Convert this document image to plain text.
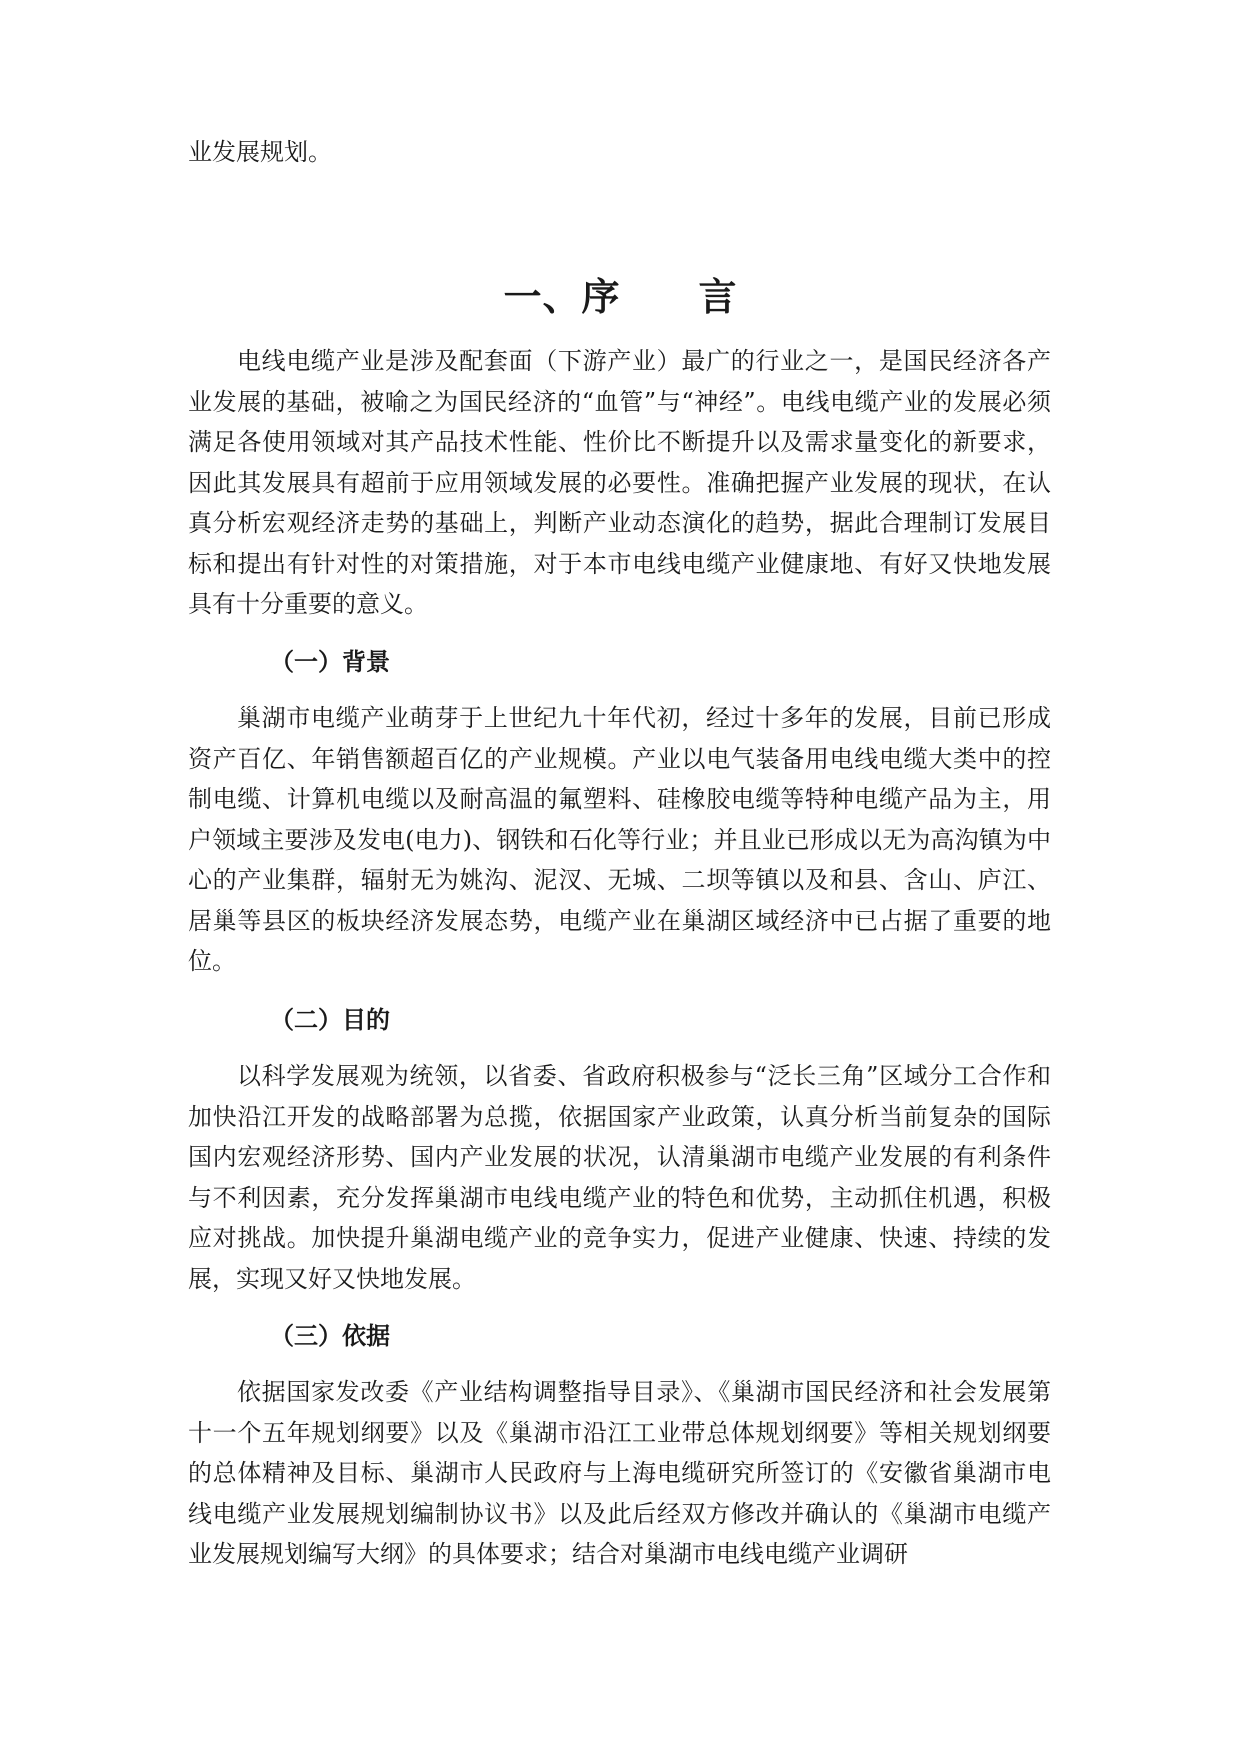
业发展规划。

一、序　　言

电线电缆产业是涉及配套面（下游产业）最广的行业之一，是国民经济各产业发展的基础，被喻之为国民经济的“血管”与“神经”。电线电缆产业的发展必须满足各使用领域对其产品技术性能、性价比不断提升以及需求量变化的新要求，因此其发展具有超前于应用领域发展的必要性。准确把握产业发展的现状，在认真分析宏观经济走势的基础上，判断产业动态演化的趋势，据此合理制订发展目标和提出有针对性的对策措施，对于本市电线电缆产业健康地、有好又快地发展具有十分重要的意义。

（一）背景

巢湖市电缆产业萌芽于上世纪九十年代初，经过十多年的发展，目前已形成资产百亿、年销售额超百亿的产业规模。产业以电气装备用电线电缆大类中的控制电缆、计算机电缆以及耐高温的氟塑料、硅橡胶电缆等特种电缆产品为主，用户领域主要涉及发电(电力)、钢铁和石化等行业；并且业已形成以无为高沟镇为中心的产业集群，辐射无为姚沟、泥汊、无城、二坝等镇以及和县、含山、庐江、居巢等县区的板块经济发展态势，电缆产业在巢湖区域经济中已占据了重要的地位。

（二）目的

以科学发展观为统领，以省委、省政府积极参与“泛长三角”区域分工合作和加快沿江开发的战略部署为总揽，依据国家产业政策，认真分析当前复杂的国际国内宏观经济形势、国内产业发展的状况，认清巢湖市电缆产业发展的有利条件与不利因素，充分发挥巢湖市电线电缆产业的特色和优势，主动抓住机遇，积极应对挑战。加快提升巢湖电缆产业的竞争实力，促进产业健康、快速、持续的发展，实现又好又快地发展。

（三）依据

依据国家发改委《产业结构调整指导目录》、《巢湖市国民经济和社会发展第十一个五年规划纲要》以及《巢湖市沿江工业带总体规划纲要》等相关规划纲要的总体精神及目标、巢湖市人民政府与上海电缆研究所签订的《安徽省巢湖市电线电缆产业发展规划编制协议书》以及此后经双方修改并确认的《巢湖市电缆产业发展规划编写大纲》的具体要求；结合对巢湖市电线电缆产业调研
